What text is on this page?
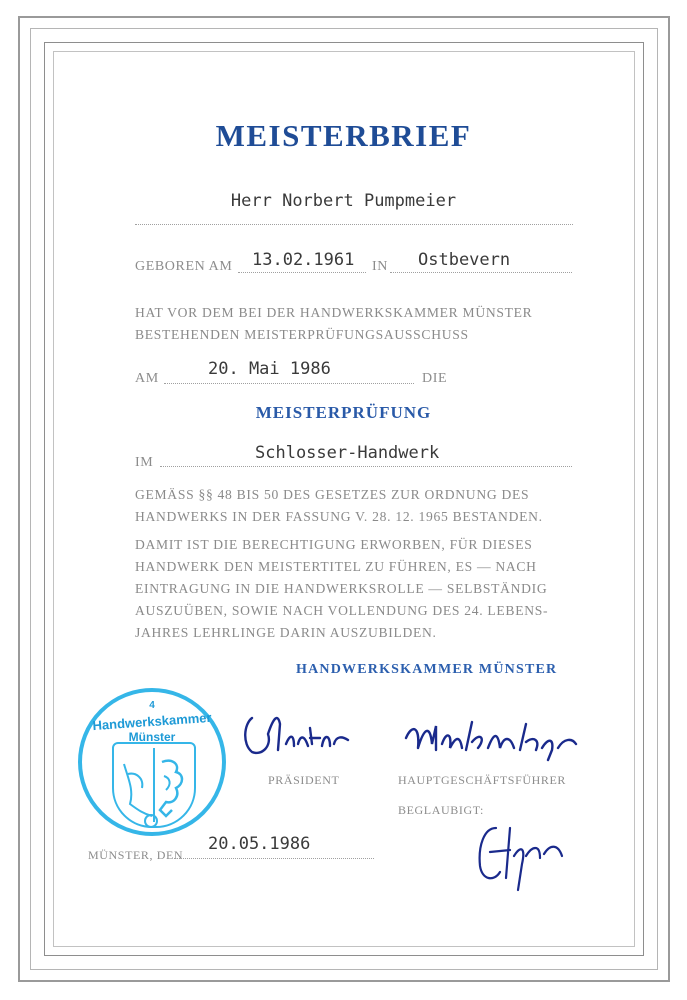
MEISTERBRIEF
Herr Norbert Pumpmeier
GEBOREN AM 13.02.1961 IN Ostbevern
HAT VOR DEM BEI DER HANDWERKSKAMMER MÜNSTER
BESTEHENDEN MEISTERPRÜFUNGSAUSSCHUSS
AM	20. Mai 1986	DIE
MEISTERPRÜFUNG
IM	Schlosser-Handwerk
GEMÄSS §§ 48 BIS 50 DES GESETZES ZUR ORDNUNG DES
HANDWERKS IN DER FASSUNG V. 28. 12. 1965 BESTANDEN.
DAMIT IST DIE BERECHTIGUNG ERWORBEN, FÜR DIESES
HANDWERK DEN MEISTERTITEL ZU FÜHREN, ES — NACH
EINTRAGUNG IN DIE HANDWERKSROLLE — SELBSTÄNDIG
AUSZUÜBEN, SOWIE NACH VOLLENDUNG DES 24. LEBENS-
JAHRES LEHRLINGE DARIN AUSZUBILDEN.
HANDWERKSKAMMER MÜNSTER
4
Handwerkskammer
Münster
PRÄSIDENT	HAUPTGESCHÄFTSFÜHRER
BEGLAUBIGT:
MÜNSTER, DEN
20.05.1986
